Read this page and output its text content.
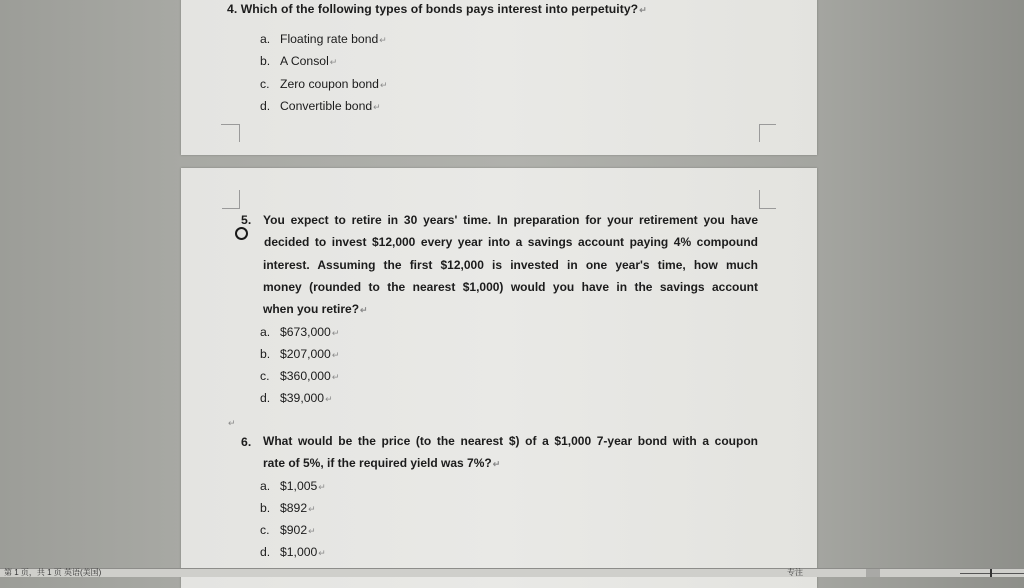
4. Which of the following types of bonds pays interest into perpetuity?↵
a. Floating rate bond↵
b. A Consol↵
c. Zero coupon bond↵
d. Convertible bond↵
5. You expect to retire in 30 years' time. In preparation for your retirement you have
decided to invest $12,000 every year into a savings account paying 4% compound
interest. Assuming the first $12,000 is invested in one year's time, how much
money (rounded to the nearest $1,000) would you have in the savings account
when you retire?↵
a. $673,000↵
b. $207,000↵
c. $360,000↵
d. $39,000↵
↵
6. What would be the price (to the nearest $) of a $1,000 7-year bond with a coupon
rate of 5%, if the required yield was 7%?↵
a. $1,005↵
b. $892↵
c. $902↵
d. $1,000↵
第 1 页，共 1 页 英语(美国)	专注
